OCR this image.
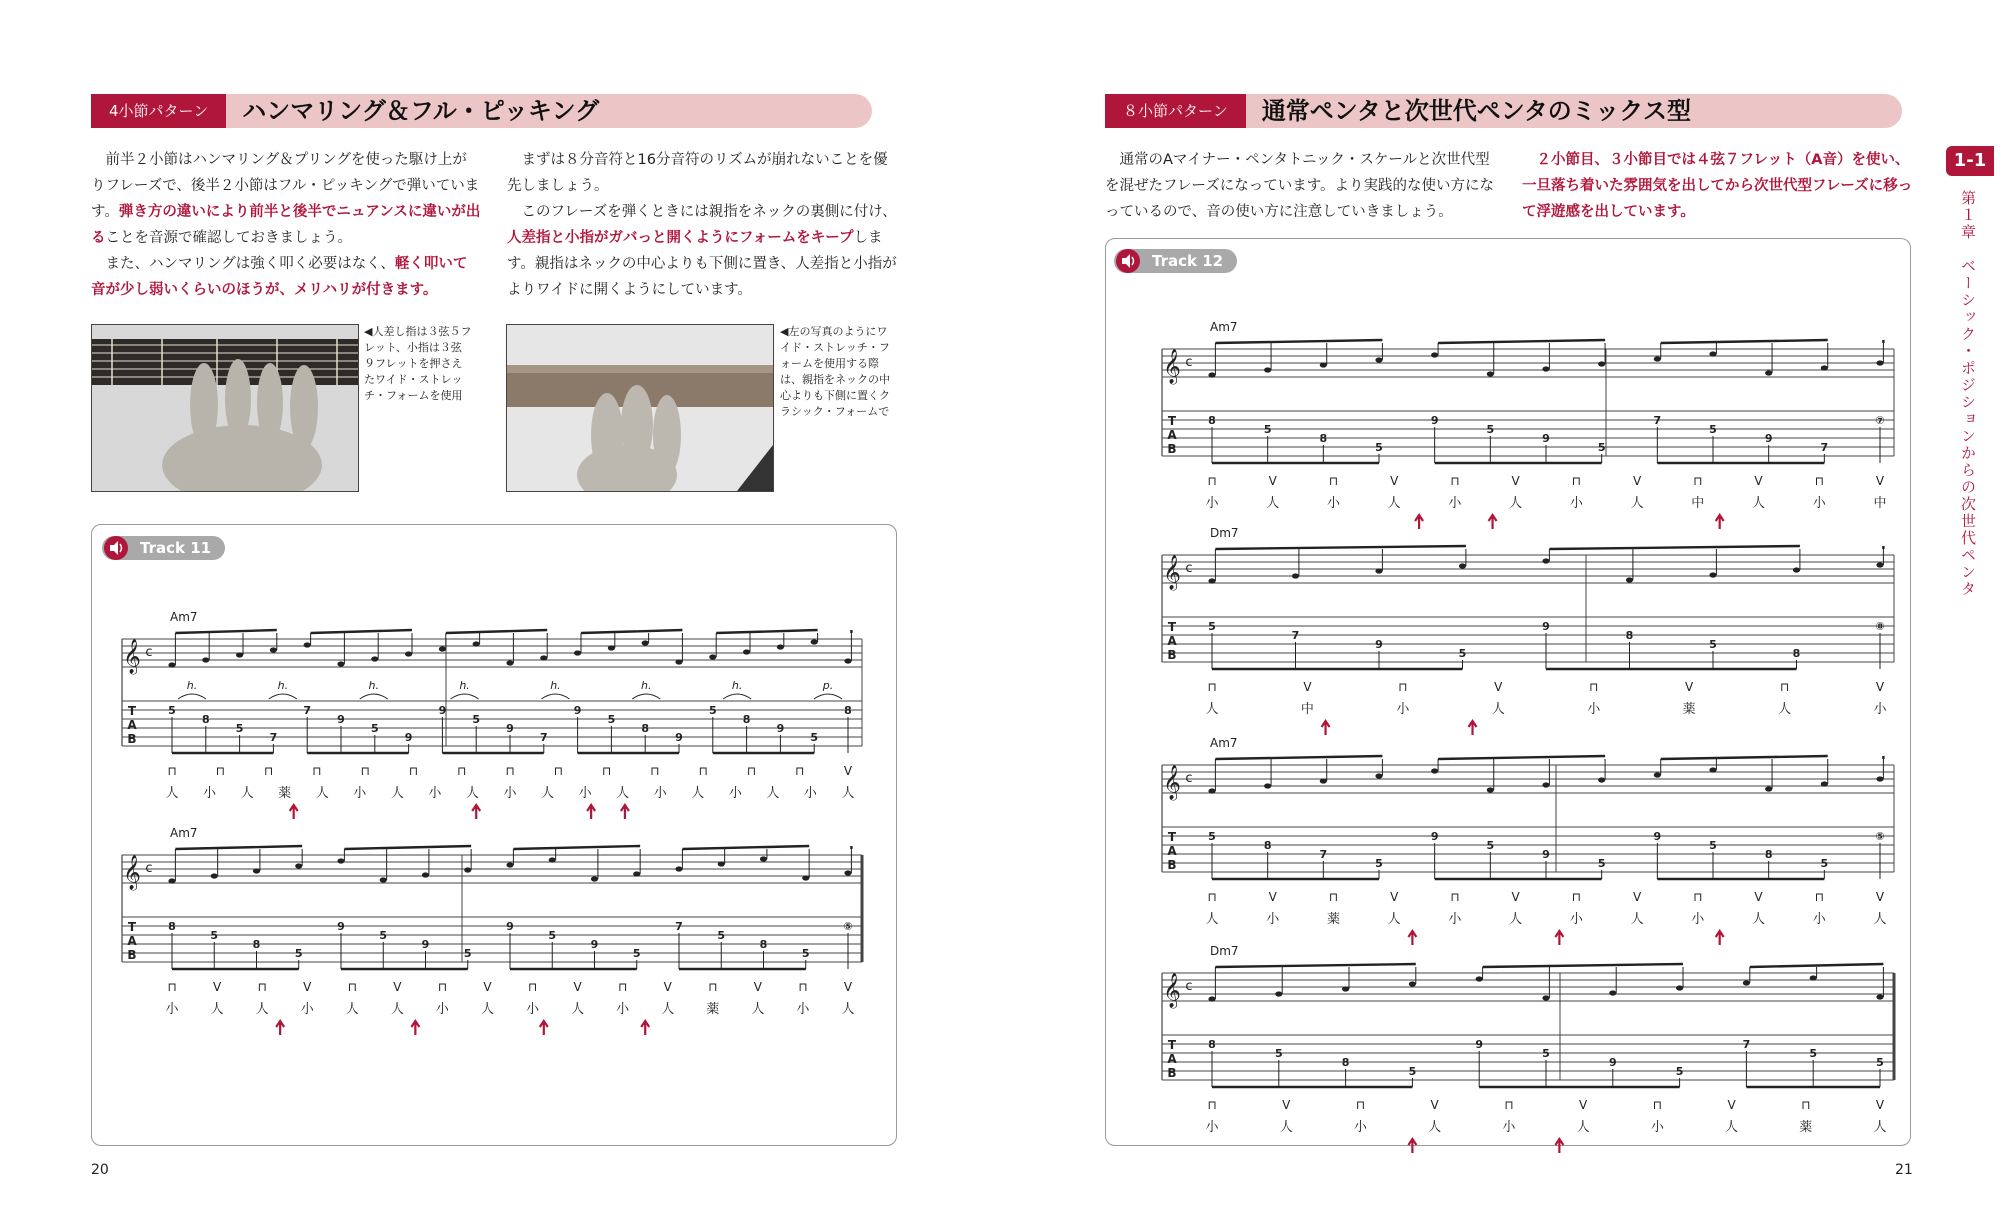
4小節パターン	ハンマリング＆フル・ピッキング

前半２小節はハンマリング＆プリングを使った駆け上がりフレーズで、後半２小節はフル・ピッキングで弾いています。弾き方の違いにより前半と後半でニュアンスに違いが出ることを音源で確認しておきましょう。

また、ハンマリングは強く叩く必要はなく、軽く叩いて音が少し弱いくらいのほうが、メリハリが付きます。

まずは８分音符と16分音符のリズムが崩れないことを優先しましょう。

このフレーズを弾くときには親指をネックの裏側に付け、人差指と小指がガバっと開くようにフォームをキープします。親指はネックの中心よりも下側に置き、人差指と小指がよりワイドに開くようにしています。

◀人差し指は３弦５フレット、小指は３弦９フレットを押さえたワイド・ストレッチ・フォームを使用
◀左の写真のようにワイド・ストレッチ・フォームを使用する際は、親指をネックの中心よりも下側に置くクラシック・フォームで
Track 11
Am7
𝄞 c
T
A
B
5
8
5
7
7
9
5
9
9
5
9
7
9
5
8
9
5
8
9
5
8
h.	h.	h.	h.	h.	h.	h.	p.
⊓	⊓	⊓	⊓	⊓	⊓	⊓	⊓	⊓	⊓	⊓	⊓	⊓	⊓	V
人 小 人 薬 人 小 人 小 人 小 人 小 人 小 人 小 人 小 人
Am7
𝄞 c
T
A
B
8
5
8
5
9
5
9
5
9
5
9
5
7
5
8
5
⑤
⊓	V	⊓	V	⊓	V	⊓	V	⊓	V	⊓	V	⊓	V	⊓	V
小 人 人 小 人 人 小 人 小 人 小 人 薬 人 小 人
20
８小節パターン	通常ペンタと次世代ペンタのミックス型

通常のAマイナー・ペンタトニック・スケールと次世代型を混ぜたフレーズになっています。より実践的な使い方になっているので、音の使い方に注意していきましょう。

２小節目、３小節目では４弦７フレット（A音）を使い、一旦落ち着いた雰囲気を出してから次世代型フレーズに移って浮遊感を出しています。

Track 12
Am7
𝄞 c
T
A
B
8
5
8
5
9
5
9
5
7
5
9
7
⑦
⊓	V	⊓	V	⊓	V	⊓	V	⊓	V	⊓	V
小	人	小	人	小	人	小	人	中	人	小	中
Dm7
𝄞 c
T
A
B
5
7
9
5
9
8
5
8
⑧
⊓	V	⊓	V	⊓	V	⊓	V
人	中	小	人	小	薬	人	小
Am7
𝄞 c
T
A
B
5
8
7
5
9
5
9
5
9
5
8
5
⑤
⊓	V	⊓	V	⊓	V	⊓	V	⊓	V	⊓	V
人	小	薬	人	小	人	小	人	小	人	小	人
Dm7
𝄞 c
T
A
B
8
5
8
5
9
5
9
5
7
5
5
⊓	V	⊓	V	⊓	V	⊓	V	⊓	V
小	人	小	人	小	人	小	人	薬	人
21
1-1
第１章　ベーシック・ポジションからの次世代ペンタ
